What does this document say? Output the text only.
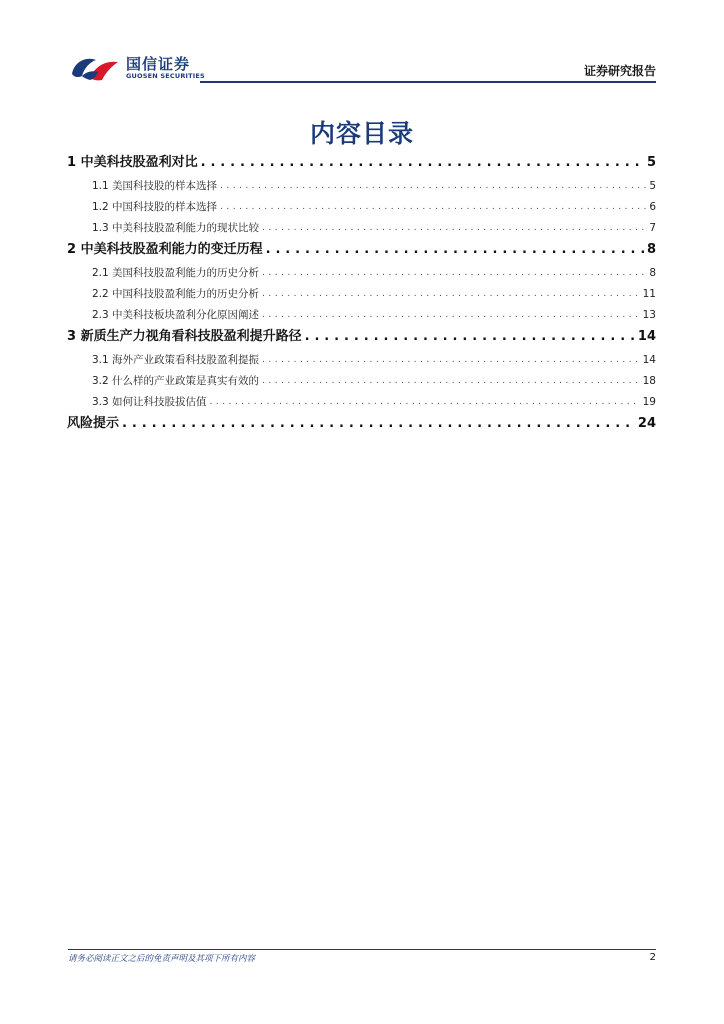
国信证券
GUOSEN SECURITIES	证券研究报告
内容目录
1 中美科技股盈利对比 . . .	5
1.1 美国科技股的样本选择 . . .	5
1.2 中国科技股的样本选择 . . .	6
1.3 中美科技股盈利能力的现状比较 . . .	7
2 中美科技股盈利能力的变迁历程 . . .	8
2.1 美国科技股盈利能力的历史分析 . . .	8
2.2 中国科技股盈利能力的历史分析 . . .	11
2.3 中美科技板块盈利分化原因阐述 . . .	13
3 新质生产力视角看科技股盈利提升路径 . . .	14
3.1 海外产业政策看科技股盈利提振 . . .	14
3.2 什么样的产业政策是真实有效的 . . .	18
3.3 如何让科技股拔估值 . . .	19
风险提示 . . .	24
请务必阅读正文之后的免责声明及其项下所有内容	2
